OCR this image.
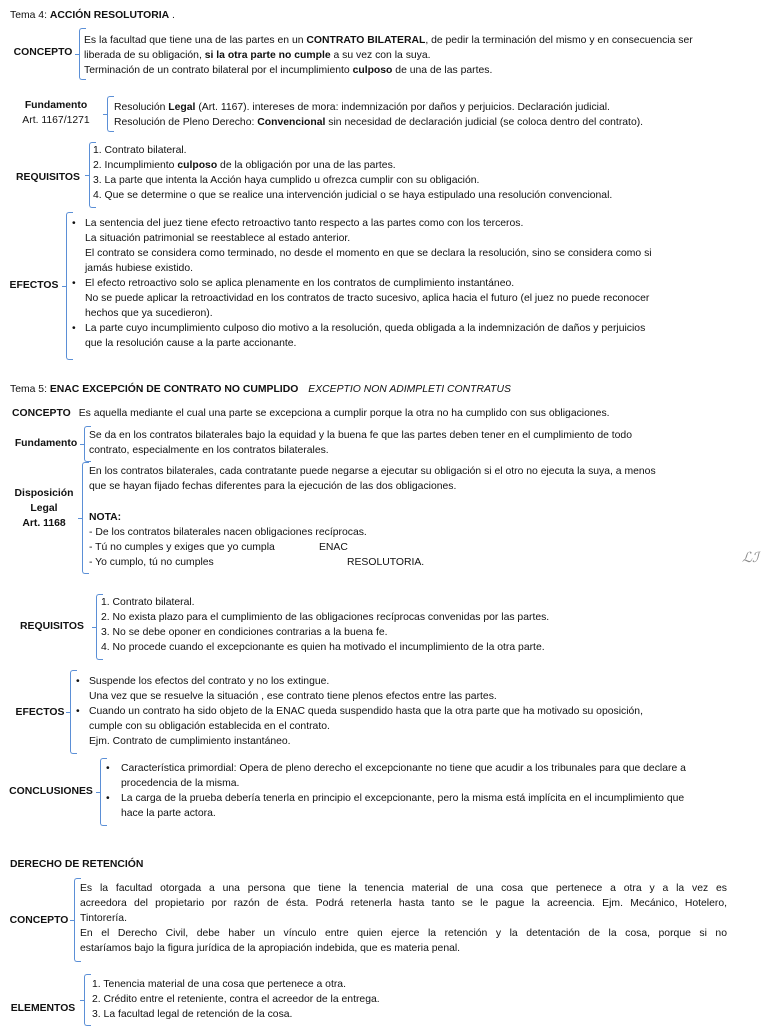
Tema 4: ACCIÓN RESOLUTORIA .
CONCEPTO
Es la facultad que tiene una de las partes en un CONTRATO BILATERAL, de pedir la terminación del mismo y en consecuencia ser
liberada de su obligación, si la otra parte no cumple a su vez con la suya.
Terminación de un contrato bilateral por el incumplimiento culposo de una de las partes.
Fundamento
Art. 1167/1271
Resolución Legal (Art. 1167). intereses de mora: indemnización por daños y perjuicios. Declaración judicial.
Resolución de Pleno Derecho: Convencional sin necesidad de declaración judicial (se coloca dentro del contrato).
REQUISITOS
1. Contrato bilateral.
2. Incumplimiento culposo de la obligación por una de las partes.
3. La parte que intenta la Acción haya cumplido u ofrezca cumplir con su obligación.
4. Que se determine o que se realice una intervención judicial o se haya estipulado una resolución convencional.
EFECTOS
• La sentencia del juez tiene efecto retroactivo tanto respecto a las partes como con los terceros.
La situación patrimonial se reestablece al estado anterior.
El contrato se considera como terminado, no desde el momento en que se declara la resolución, sino se considera como si
jamás hubiese existido.
• El efecto retroactivo solo se aplica plenamente en los contratos de cumplimiento instantáneo.
No se puede aplicar la retroactividad en los contratos de tracto sucesivo, aplica hacia el futuro (el juez no puede reconocer
hechos que ya sucedieron).
• La parte cuyo incumplimiento culposo dio motivo a la resolución, queda obligada a la indemnización de daños y perjuicios
que la resolución cause a la parte accionante.
Tema 5: ENAC EXCEPCIÓN DE CONTRATO NO CUMPLIDO EXCEPTIO NON ADIMPLETI CONTRATUS
CONCEPTO Es aquella mediante el cual una parte se excepciona a cumplir porque la otra no ha cumplido con sus obligaciones.
Fundamento
Se da en los contratos bilaterales bajo la equidad y la buena fe que las partes deben tener en el cumplimiento de todo
contrato, especialmente en los contratos bilaterales.
Disposición
Legal
Art. 1168
En los contratos bilaterales, cada contratante puede negarse a ejecutar su obligación si el otro no ejecuta la suya, a menos
que se hayan fijado fechas diferentes para la ejecución de las dos obligaciones.
NOTA:
- De los contratos bilaterales nacen obligaciones recíprocas.
- Tú no cumples y exiges que yo cumpla	ENAC
- Yo cumplo, tú no cumples	RESOLUTORIA.	ℒℐ
REQUISITOS
1. Contrato bilateral.
2. No exista plazo para el cumplimiento de las obligaciones recíprocas convenidas por las partes.
3. No se debe oponer en condiciones contrarias a la buena fe.
4. No procede cuando el excepcionante es quien ha motivado el incumplimiento de la otra parte.
EFECTOS
• Suspende los efectos del contrato y no los extingue.
Una vez que se resuelve la situación , ese contrato tiene plenos efectos entre las partes.
• Cuando un contrato ha sido objeto de la ENAC queda suspendido hasta que la otra parte que ha motivado su oposición,
cumple con su obligación establecida en el contrato.
Ejm. Contrato de cumplimiento instantáneo.
CONCLUSIONES
• Característica primordial: Opera de pleno derecho el excepcionante no tiene que acudir a los tribunales para que declare a
procedencia de la misma.
• La carga de la prueba debería tenerla en principio el excepcionante, pero la misma está implícita en el incumplimiento que
hace la parte actora.
DERECHO DE RETENCIÓN
CONCEPTO
Es la facultad otorgada a una persona que tiene la tenencia material de una cosa que pertenece a otra y a la vez es
acreedora del propietario por razón de ésta. Podrá retenerla hasta tanto se le pague la acreencia. Ejm. Mecánico, Hotelero,
Tintorería.
En el Derecho Civil, debe haber un vínculo entre quien ejerce la retención y la detentación de la cosa, porque si no
estaríamos bajo la figura jurídica de la apropiación indebida, que es materia penal.
ELEMENTOS
1. Tenencia material de una cosa que pertenece a otra.
2. Crédito entre el reteniente, contra el acreedor de la entrega.
3. La facultad legal de retención de la cosa.
